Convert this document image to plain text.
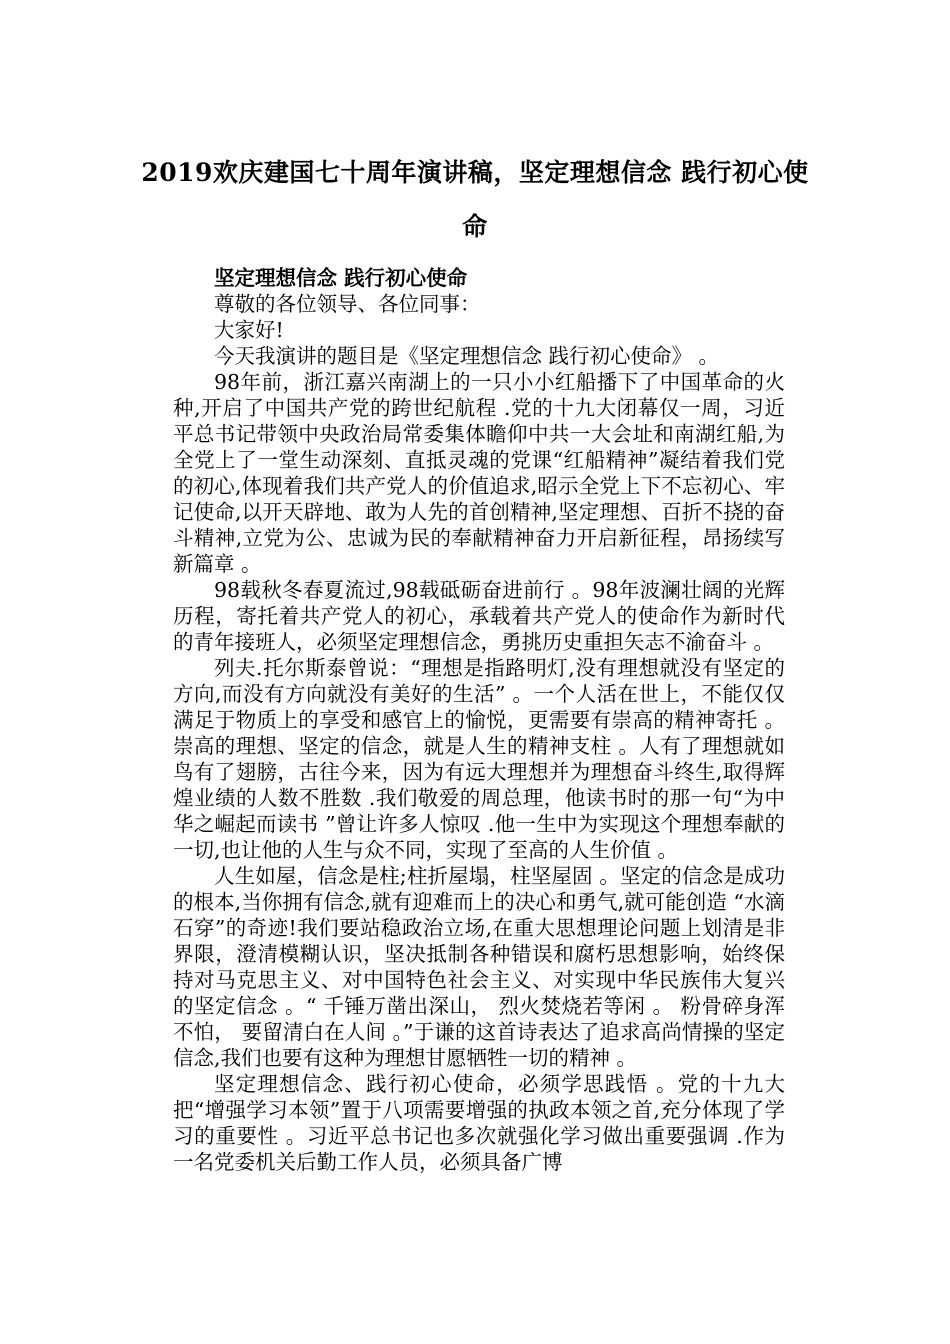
2019欢庆建国七十周年演讲稿，坚定理想信念 践行初心使命

坚定理想信念 践行初心使命

尊敬的各位领导、各位同事：

大家好!

今天我演讲的题目是《坚定理想信念 践行初心使命》 。

98年前，浙江嘉兴南湖上的一只小小红船播下了中国革命的火种,开启了中国共产党的跨世纪航程 .党的十九大闭幕仅一周，习近平总书记带领中央政治局常委集体瞻仰中共一大会址和南湖红船,为全党上了一堂生动深刻、直抵灵魂的党课“红船精神”凝结着我们党的初心,体现着我们共产党人的价值追求,昭示全党上下不忘初心、牢记使命,以开天辟地、敢为人先的首创精神,坚定理想、百折不挠的奋斗精神,立党为公、忠诚为民的奉献精神奋力开启新征程，昂扬续写新篇章 。

98载秋冬春夏流过,98载砥砺奋进前行 。98年波澜壮阔的光辉历程，寄托着共产党人的初心，承载着共产党人的使命作为新时代的青年接班人，必须坚定理想信念，勇挑历史重担矢志不渝奋斗 。

列夫.托尔斯泰曾说：“理想是指路明灯,没有理想就没有坚定的方向,而没有方向就没有美好的生活” 。一个人活在世上，不能仅仅满足于物质上的享受和感官上的愉悦，更需要有崇高的精神寄托 。崇高的理想、坚定的信念，就是人生的精神支柱 。人有了理想就如鸟有了翅膀，古往今来，因为有远大理想并为理想奋斗终生,取得辉煌业绩的人数不胜数 .我们敬爱的周总理，他读书时的那一句“为中华之崛起而读书 ”曾让许多人惊叹 .他一生中为实现这个理想奉献的一切,也让他的人生与众不同，实现了至高的人生价值 。

人生如屋，信念是柱;柱折屋塌，柱坚屋固 。坚定的信念是成功的根本,当你拥有信念,就有迎难而上的决心和勇气,就可能创造 “水滴石穿”的奇迹!我们要站稳政治立场,在重大思想理论问题上划清是非界限，澄清模糊认识，坚决抵制各种错误和腐朽思想影响，始终保持对马克思主义、对中国特色社会主义、对实现中华民族伟大复兴的坚定信念 。“ 千锤万凿出深山， 烈火焚烧若等闲 。 粉骨碎身浑不怕， 要留清白在人间 。”于谦的这首诗表达了追求高尚情操的坚定信念,我们也要有这种为理想甘愿牺牲一切的精神 。

坚定理想信念、践行初心使命，必须学思践悟 。党的十九大把“增强学习本领”置于八项需要增强的执政本领之首,充分体现了学习的重要性 。习近平总书记也多次就强化学习做出重要强调 .作为一名党委机关后勤工作人员，必须具备广博
